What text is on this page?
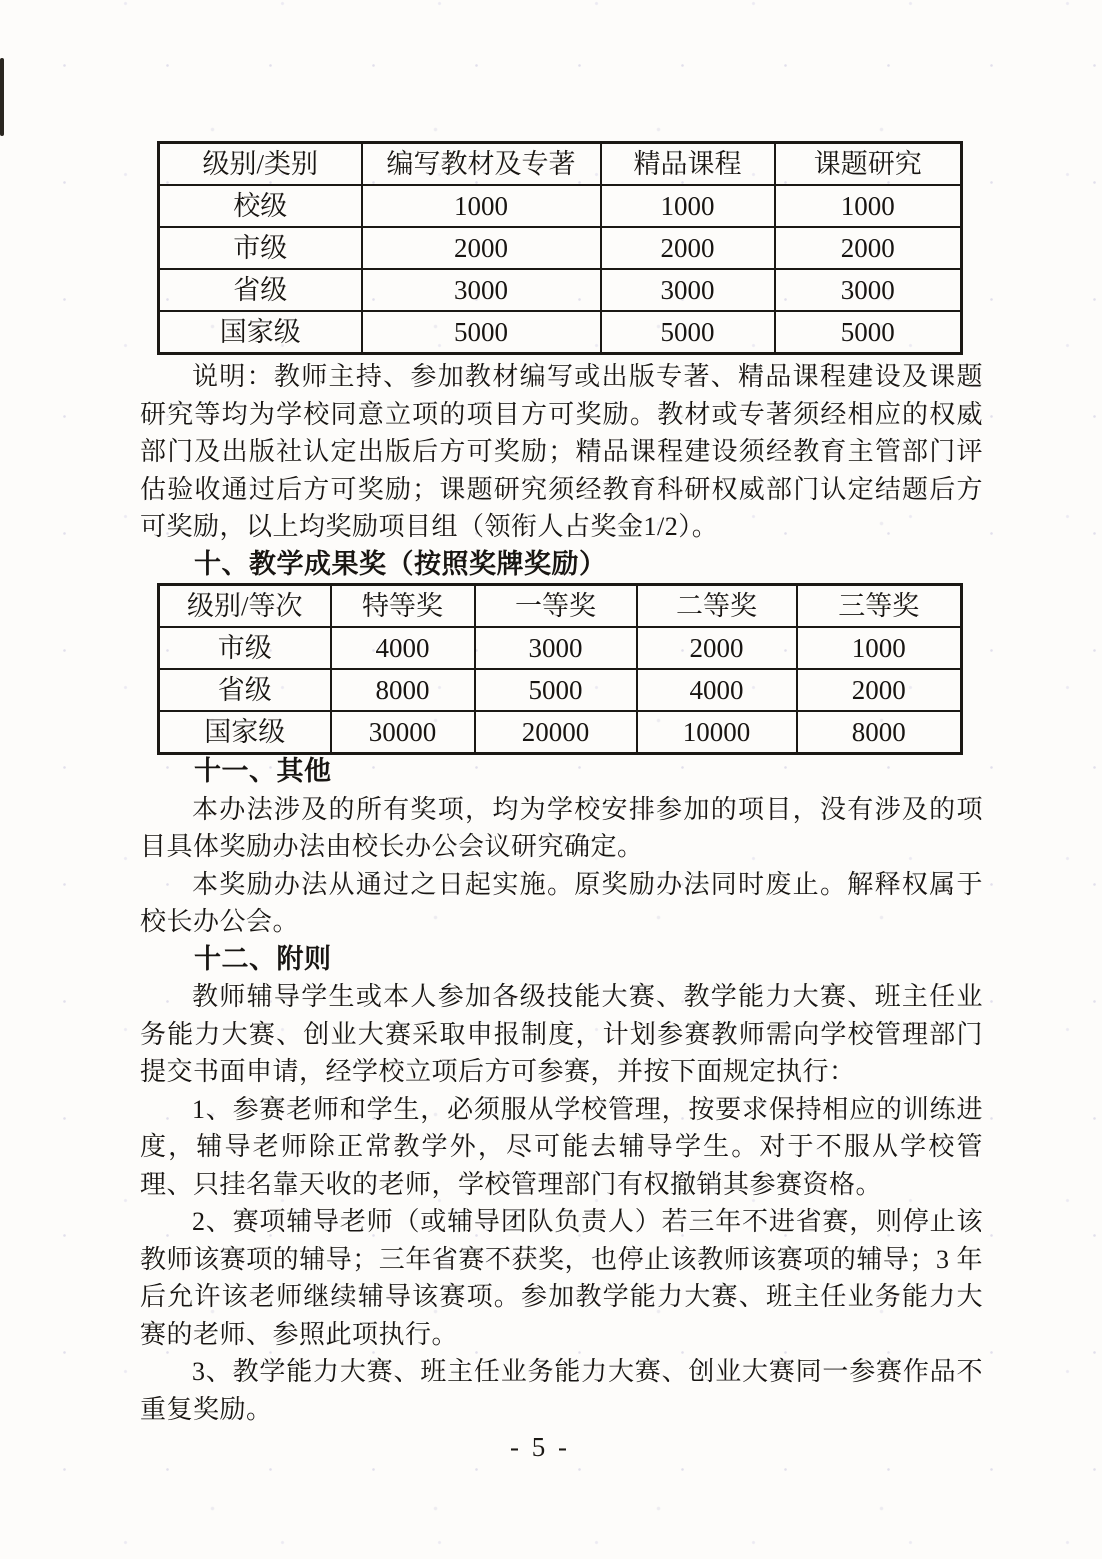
级别/类别	编写教材及专著	精品课程	课题研究
校级	1000	1000	1000
市级	2000	2000	2000
省级	3000	3000	3000
国家级	5000	5000	5000

说明：教师主持、参加教材编写或出版专著、精品课程建设及课题研究等均为学校同意立项的项目方可奖励。教材或专著须经相应的权威部门及出版社认定出版后方可奖励；精品课程建设须经教育主管部门评估验收通过后方可奖励；课题研究须经教育科研权威部门认定结题后方可奖励，以上均奖励项目组（领衔人占奖金1/2）。

十、教学成果奖（按照奖牌奖励）
级别/等次	特等奖	一等奖	二等奖	三等奖
市级	4000	3000	2000	1000
省级	8000	5000	4000	2000
国家级	30000	20000	10000	8000
十一、其他

本办法涉及的所有奖项，均为学校安排参加的项目，没有涉及的项目具体奖励办法由校长办公会议研究确定。

本奖励办法从通过之日起实施。原奖励办法同时废止。解释权属于校长办公会。

十二、附则

教师辅导学生或本人参加各级技能大赛、教学能力大赛、班主任业务能力大赛、创业大赛采取申报制度，计划参赛教师需向学校管理部门提交书面申请，经学校立项后方可参赛，并按下面规定执行：

1、参赛老师和学生，必须服从学校管理，按要求保持相应的训练进度，辅导老师除正常教学外，尽可能去辅导学生。对于不服从学校管理、只挂名靠天收的老师，学校管理部门有权撤销其参赛资格。

2、赛项辅导老师（或辅导团队负责人）若三年不进省赛，则停止该教师该赛项的辅导；三年省赛不获奖，也停止该教师该赛项的辅导；3 年后允许该老师继续辅导该赛项。参加教学能力大赛、班主任业务能力大赛的老师、参照此项执行。

3、教学能力大赛、班主任业务能力大赛、创业大赛同一参赛作品不重复奖励。

- 5 -
